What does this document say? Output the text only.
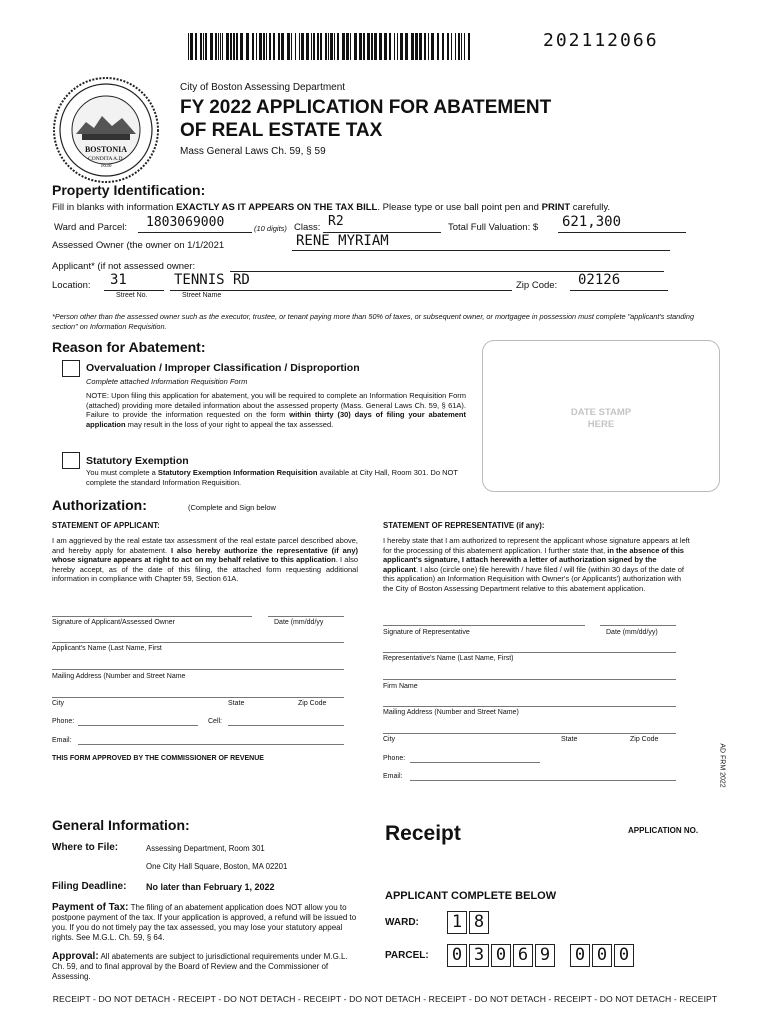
202112066
BOSTONIA
CONDITA A.D.
1630
City of Boston Assessing Department
FY 2022 APPLICATION FOR ABATEMENT
OF REAL ESTATE TAX
Mass General Laws Ch. 59, § 59
Property Identification:
Fill in blanks with information EXACTLY AS IT APPEARS ON THE TAX BILL. Please type or use ball point pen and PRINT carefully.
Ward and Parcel: 1803069000	(10 digits) Class: R2	Total Full Valuation: $ 621,300
Assessed Owner (the owner on 1/1/2021	RENE MYRIAM
Applicant* (if not assessed owner:
Location: 31	TENNIS RD	Zip Code: 02126
Street No.	Street Name
*Person other than the assessed owner such as the executor, trustee, or tenant paying more than 50% of taxes, or subsequent owner, or mortgagee in possession must complete "applicant's standing section" on Information Requisition.
Reason for Abatement:
Overvaluation / Improper Classification / Disproportion
Complete attached Information Requisition Form
NOTE: Upon filing this application for abatement, you will be required to complete an Information Requisition Form (attached) providing more detailed information about the assessed property (Mass. General Laws Ch. 59, § 61A). Failure to provide the information requested on the form within thirty (30) days of filing your abatement application may result in the loss of your right to appeal the tax assessed.
Statutory Exemption
You must complete a Statutory Exemption Information Requisition available at City Hall, Room 301. Do NOT complete the standard Information Requisition.
DATE STAMP
HERE
Authorization:	(Complete and Sign below
STATEMENT OF APPLICANT:
I am aggrieved by the real estate tax assessment of the real estate parcel described above, and hereby apply for abatement. I also hereby authorize the representative (if any) whose signature appears at right to act on my behalf relative to this application. I also hereby accept, as of the date of this filing, the attached form requesting additional information in compliance with Chapter 59, Section 61A.
Signature of Applicant/Assessed Owner	Date (mm/dd/yy
Applicant's Name (Last Name, First
Mailing Address (Number and Street Name
City	State	Zip Code
Phone:	Cell:
Email:
THIS FORM APPROVED BY THE COMMISSIONER OF REVENUE
STATEMENT OF REPRESENTATIVE (if any):
I hereby state that I am authorized to represent the applicant whose signature appears at left for the processing of this abatement application. I further state that, in the absence of this applicant's signature, I attach herewith a letter of authorization signed by the applicant. I also (circle one) file herewith / have filed / will file (within 30 days of the date of this application) an Information Requisition with Owner's (or Applicants') authorization with the City of Boston Assessing Department relative to this abatement application.
Signature of Representative	Date (mm/dd/yy)
Representative's Name (Last Name, First)
Firm Name
Mailing Address (Number and Street Name)
City	State	Zip Code
Phone:
Email:	AD FRM 2022
General Information:
Where to File:	Assessing Department, Room 301
One City Hall Square, Boston, MA 02201
Filing Deadline: No later than February 1, 2022
Payment of Tax: The filing of an abatement application does NOT allow you to postpone payment of the tax. If your application is approved, a refund will be issued to you. If you do not timely pay the tax assessed, you may lose your statutory appeal rights. See M.G.L. Ch. 59, § 64.
Approval: All abatements are subject to jurisdictional requirements under M.G.L. Ch. 59, and to final approval by the Board of Review and the Commissioner of Assessing.
Receipt	APPLICATION NO.
APPLICANT COMPLETE BELOW
WARD: 1 8
PARCEL: 0 3 0 6 9 0 0 0
RECEIPT - DO NOT DETACH - RECEIPT - DO NOT DETACH - RECEIPT - DO NOT DETACH - RECEIPT - DO NOT DETACH - RECEIPT - DO NOT DETACH - RECEIPT
